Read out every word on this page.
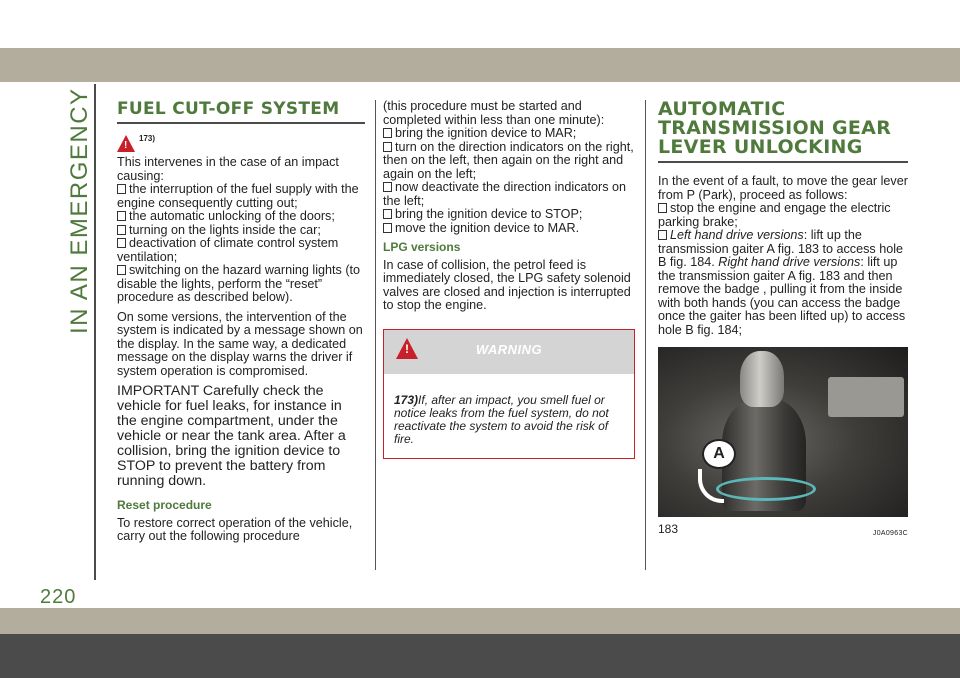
IN AN EMERGENCY FUEL CUT-OFF SYSTEM
!
173)

This intervenes in the case of an impact causing:
the interruption of the fuel supply with the engine consequently cutting out;
the automatic unlocking of the doors;
turning on the lights inside the car;
deactivation of climate control system ventilation;
switching on the hazard warning lights (to disable the lights, perform the “reset” procedure as described below).

On some versions, the intervention of the system is indicated by a message shown on the display. In the same way, a dedicated message on the display warns the driver if system operation is compromised.

IMPORTANT Carefully check the vehicle for fuel leaks, for instance in the engine compartment, under the vehicle or near the tank area. After a collision, bring the ignition device to STOP to prevent the battery from running down.

Reset procedure

To restore correct operation of the vehicle, carry out the following procedure

(this procedure must be started and completed within less than one minute):
bring the ignition device to MAR;
turn on the direction indicators on the right, then on the left, then again on the right and again on the left;
now deactivate the direction indicators on the left;
bring the ignition device to STOP;
move the ignition device to MAR.

LPG versions

In case of collision, the petrol feed is immediately closed, the LPG safety solenoid valves are closed and injection is interrupted to stop the engine.

!	WARNING
173)If, after an impact, you smell fuel or notice leaks from the fuel system, do not reactivate the system to avoid the risk of fire.
AUTOMATIC TRANSMISSION GEAR LEVER UNLOCKING

In the event of a fault, to move the gear lever from P (Park), proceed as follows:
stop the engine and engage the electric parking brake;
Left hand drive versions: lift up the transmission gaiter A fig. 183 to access hole B fig. 184. Right hand drive versions: lift up the transmission gaiter A fig. 183 and then remove the badge , pulling it from the inside with both hands (you can access the badge once the gaiter has been lifted up) to access hole B fig. 184;

A
183	J0A0963C
220
